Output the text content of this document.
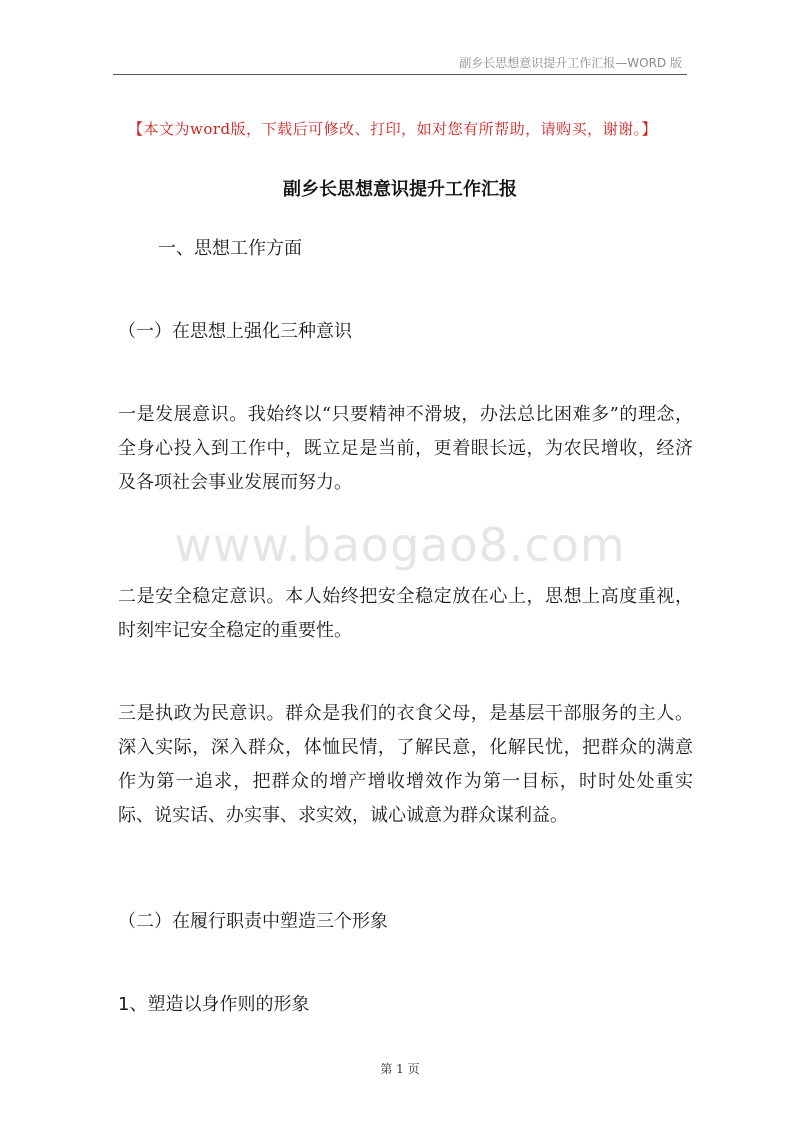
副乡长思想意识提升工作汇报—WORD 版
【本文为word版，下载后可修改、打印，如对您有所帮助，请购买，谢谢。】
副乡长思想意识提升工作汇报
一、思想工作方面
（一）在思想上强化三种意识
一是发展意识。我始终以“只要精神不滑坡，办法总比困难多”的理念，全身心投入到工作中，既立足是当前，更着眼长远，为农民增收，经济及各项社会事业发展而努力。
www.baogao8.com
二是安全稳定意识。本人始终把安全稳定放在心上，思想上高度重视，时刻牢记安全稳定的重要性。
三是执政为民意识。群众是我们的衣食父母，是基层干部服务的主人。深入实际，深入群众，体恤民情，了解民意，化解民忧，把群众的满意作为第一追求，把群众的增产增收增效作为第一目标，时时处处重实际、说实话、办实事、求实效，诚心诚意为群众谋利益。
（二）在履行职责中塑造三个形象
1、塑造以身作则的形象
第 1 页
